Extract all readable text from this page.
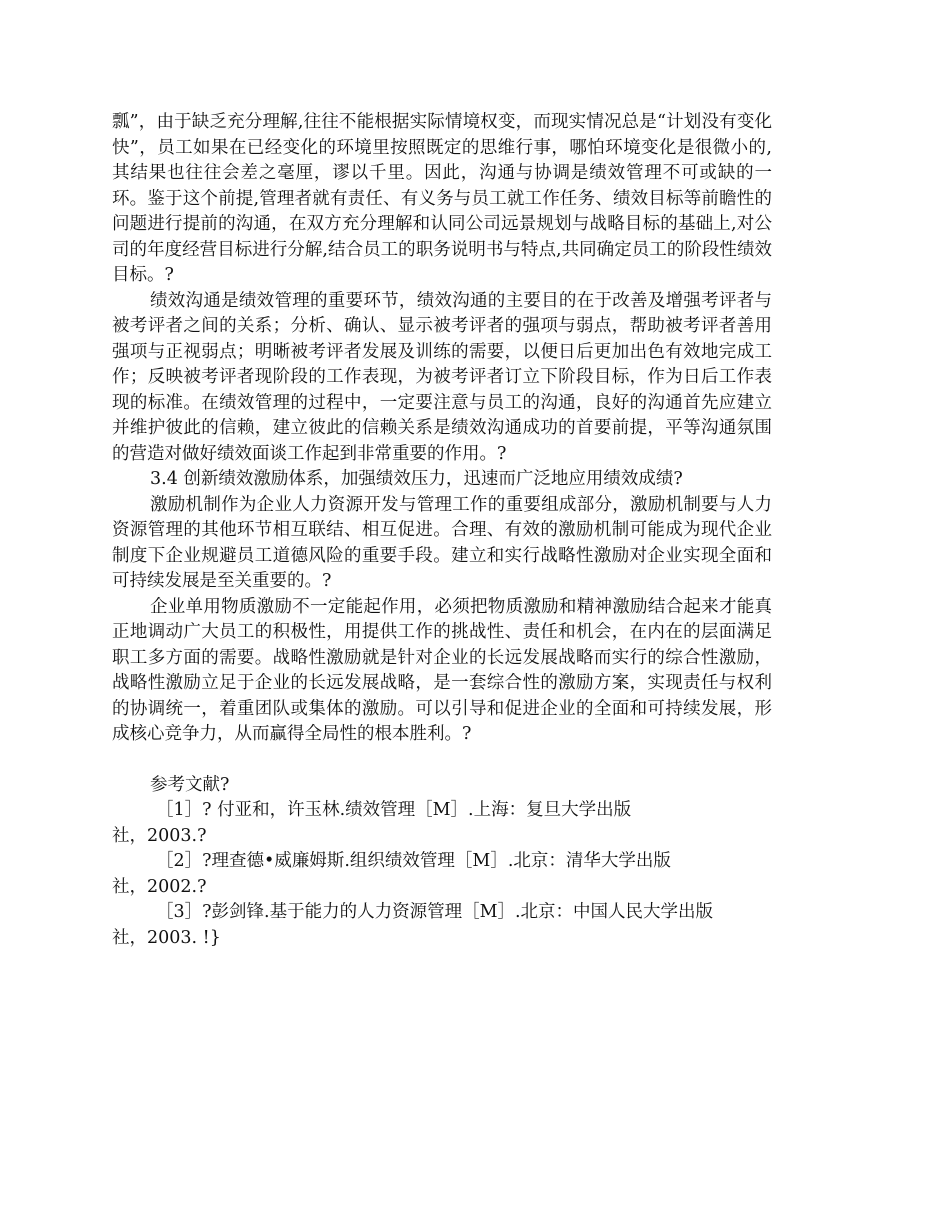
瓢”，由于缺乏充分理解,往往不能根据实际情境权变，而现实情况总是“计划没有变化快”，员工如果在已经变化的环境里按照既定的思维行事，哪怕环境变化是很微小的,其结果也往往会差之毫厘，谬以千里。因此，沟通与协调是绩效管理不可或缺的一环。鉴于这个前提,管理者就有责任、有义务与员工就工作任务、绩效目标等前瞻性的问题进行提前的沟通，在双方充分理解和认同公司远景规划与战略目标的基础上,对公司的年度经营目标进行分解,结合员工的职务说明书与特点,共同确定员工的阶段性绩效目标。?

绩效沟通是绩效管理的重要环节，绩效沟通的主要目的在于改善及增强考评者与被考评者之间的关系；分析、确认、显示被考评者的强项与弱点，帮助被考评者善用强项与正视弱点；明晰被考评者发展及训练的需要，以便日后更加出色有效地完成工作；反映被考评者现阶段的工作表现，为被考评者订立下阶段目标，作为日后工作表现的标准。在绩效管理的过程中，一定要注意与员工的沟通，良好的沟通首先应建立并维护彼此的信赖，建立彼此的信赖关系是绩效沟通成功的首要前提，平等沟通氛围的营造对做好绩效面谈工作起到非常重要的作用。?

3.4 创新绩效激励体系，加强绩效压力，迅速而广泛地应用绩效成绩?

激励机制作为企业人力资源开发与管理工作的重要组成部分，激励机制要与人力资源管理的其他环节相互联结、相互促进。合理、有效的激励机制可能成为现代企业制度下企业规避员工道德风险的重要手段。建立和实行战略性激励对企业实现全面和可持续发展是至关重要的。?

企业单用物质激励不一定能起作用，必须把物质激励和精神激励结合起来才能真正地调动广大员工的积极性，用提供工作的挑战性、责任和机会，在内在的层面满足职工多方面的需要。战略性激励就是针对企业的长远发展战略而实行的综合性激励，战略性激励立足于企业的长远发展战略，是一套综合性的激励方案，实现责任与权利的协调统一，着重团队或集体的激励。可以引导和促进企业的全面和可持续发展，形成核心竞争力，从而赢得全局性的根本胜利。?

参考文献?

［1］? 付亚和，许玉林.绩效管理［M］.上海：复旦大学出版
社，2003.?
［2］?理查德•威廉姆斯.组织绩效管理［M］.北京：清华大学出版
社，2002.?
［3］?彭剑锋.基于能力的人力资源管理［M］.北京：中国人民大学出版
社，2003. !}
